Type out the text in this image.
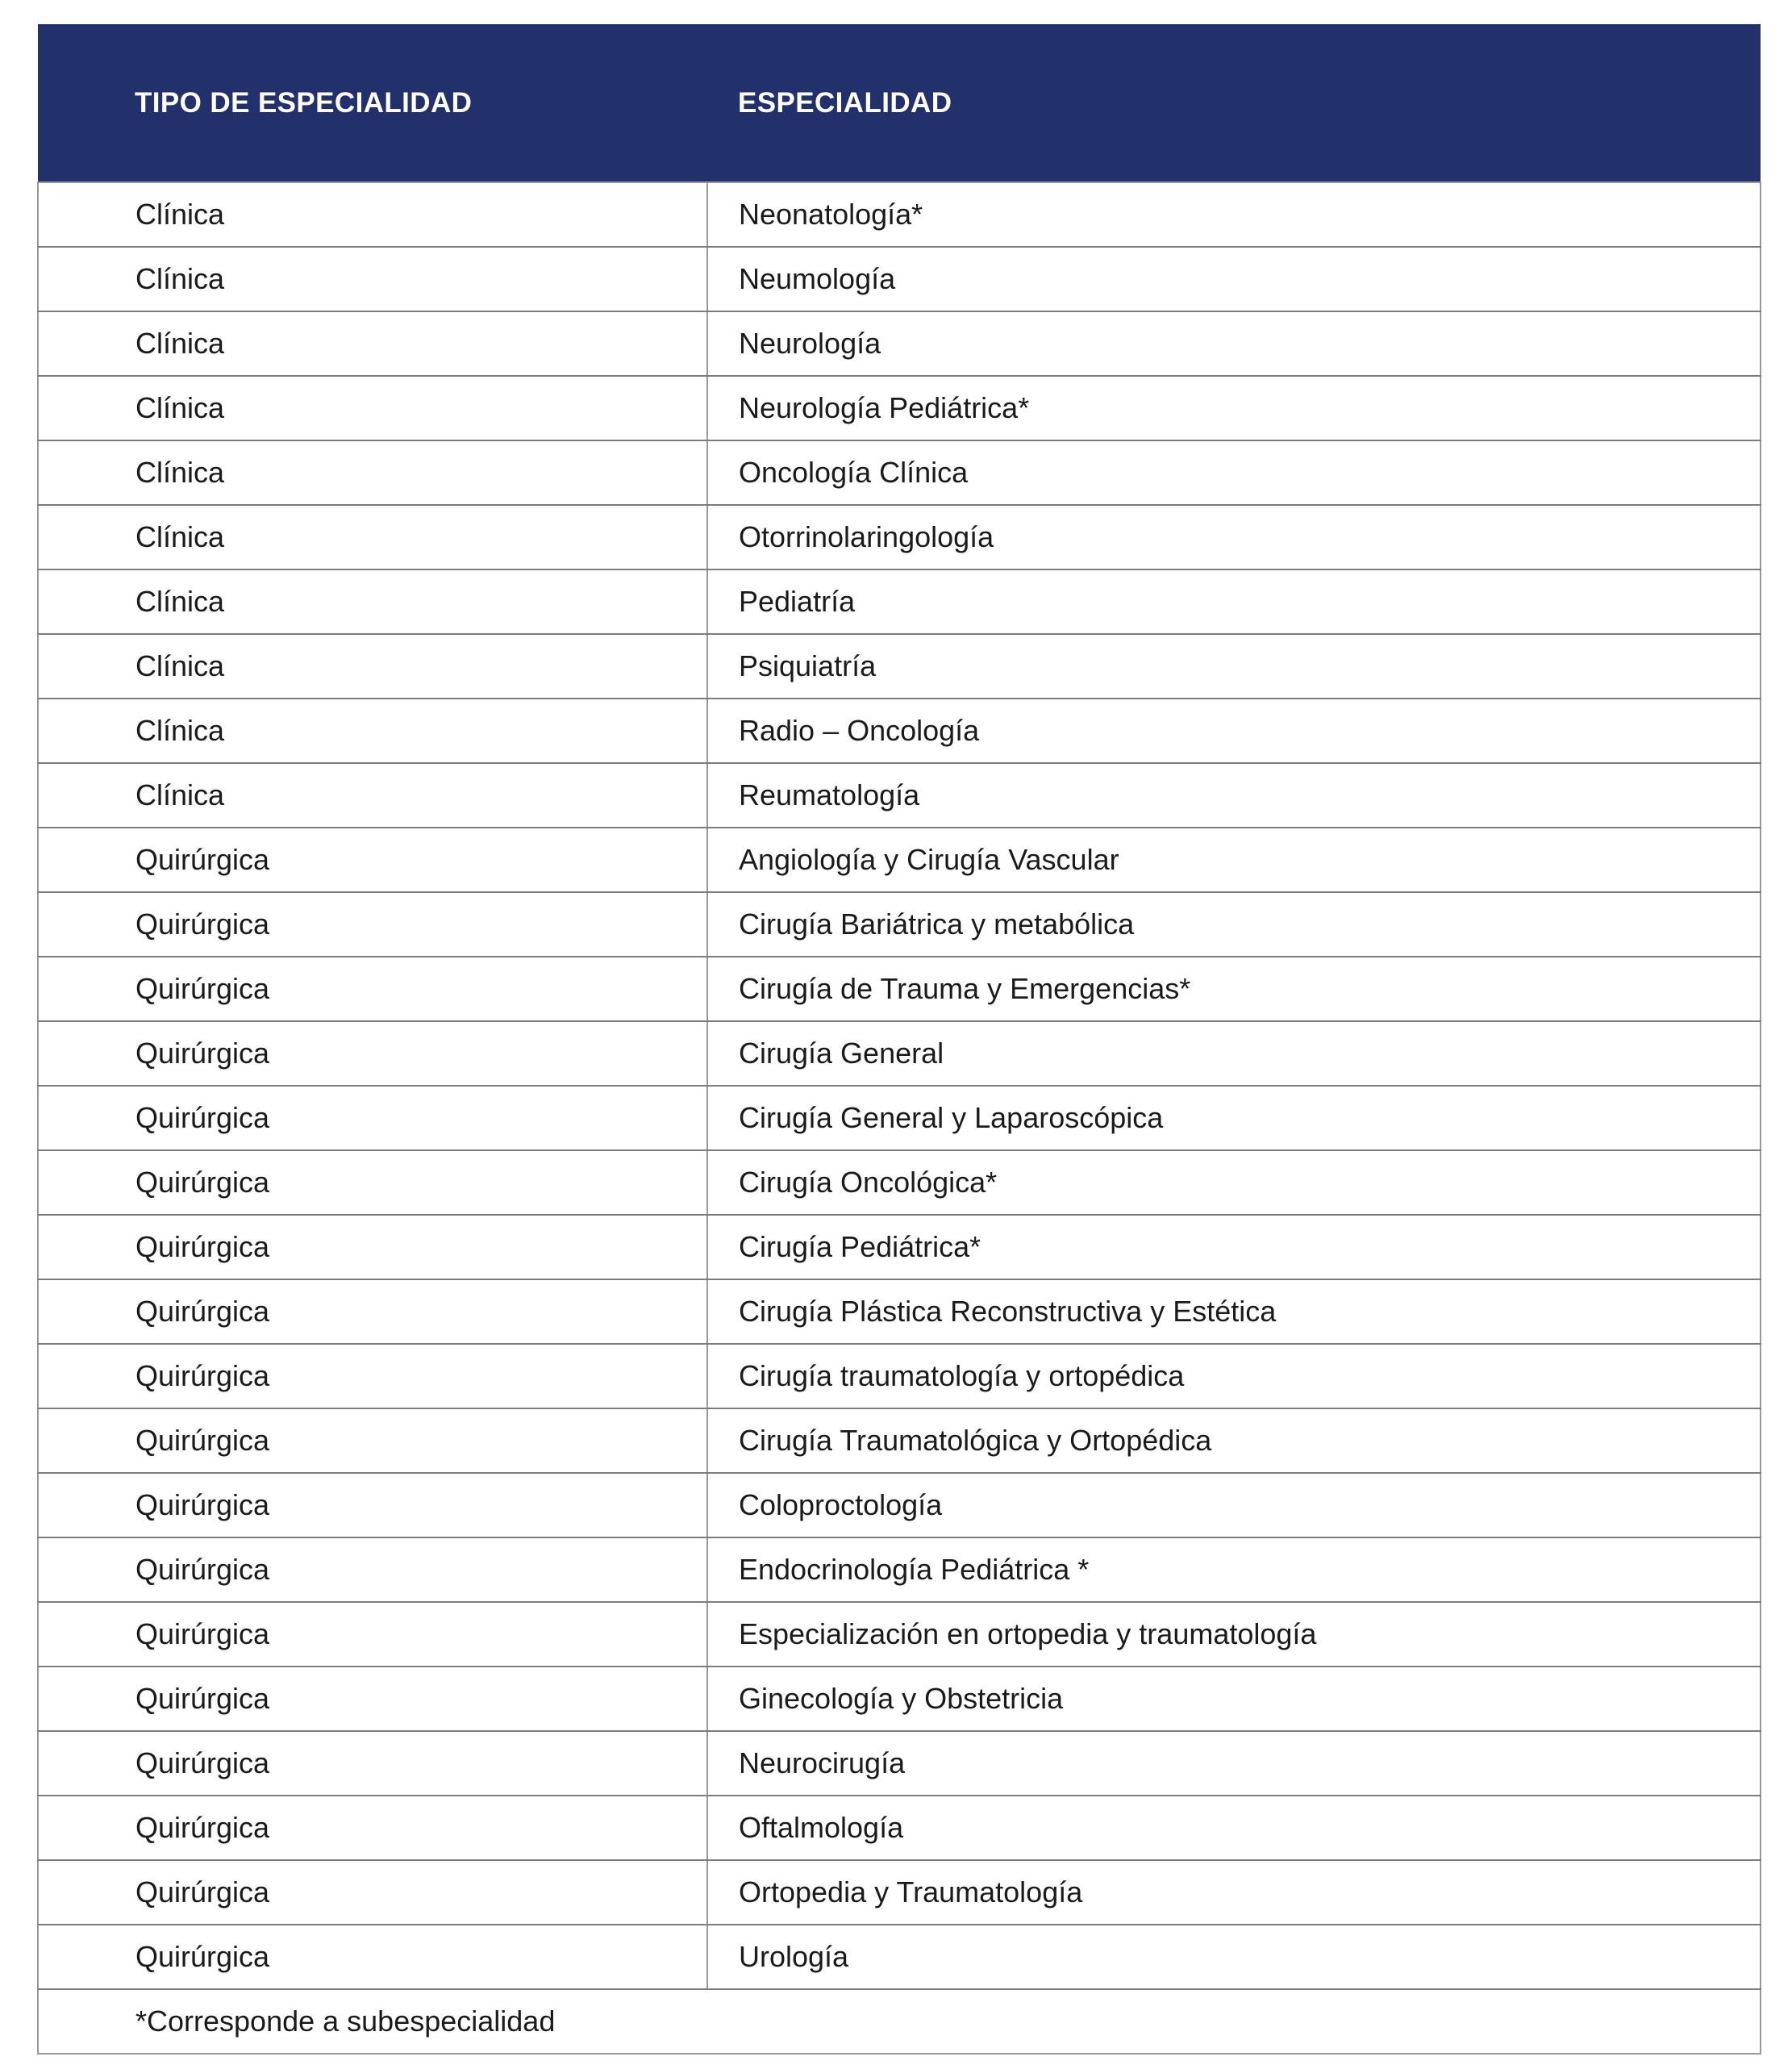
TIPO DE ESPECIALIDAD	ESPECIALIDAD
Clínica	Neonatología*
Clínica	Neumología
Clínica	Neurología
Clínica	Neurología Pediátrica*
Clínica	Oncología Clínica
Clínica	Otorrinolaringología
Clínica	Pediatría
Clínica	Psiquiatría
Clínica	Radio – Oncología
Clínica	Reumatología
Quirúrgica	Angiología y Cirugía Vascular
Quirúrgica	Cirugía Bariátrica y metabólica
Quirúrgica	Cirugía de Trauma y Emergencias*
Quirúrgica	Cirugía General
Quirúrgica	Cirugía General y Laparoscópica
Quirúrgica	Cirugía Oncológica*
Quirúrgica	Cirugía Pediátrica*
Quirúrgica	Cirugía Plástica Reconstructiva y Estética
Quirúrgica	Cirugía traumatología y ortopédica
Quirúrgica	Cirugía Traumatológica y Ortopédica
Quirúrgica	Coloproctología
Quirúrgica	Endocrinología Pediátrica *
Quirúrgica	Especialización en ortopedia y traumatología
Quirúrgica	Ginecología y Obstetricia
Quirúrgica	Neurocirugía
Quirúrgica	Oftalmología
Quirúrgica	Ortopedia y Traumatología
Quirúrgica	Urología
*Corresponde a subespecialidad	
